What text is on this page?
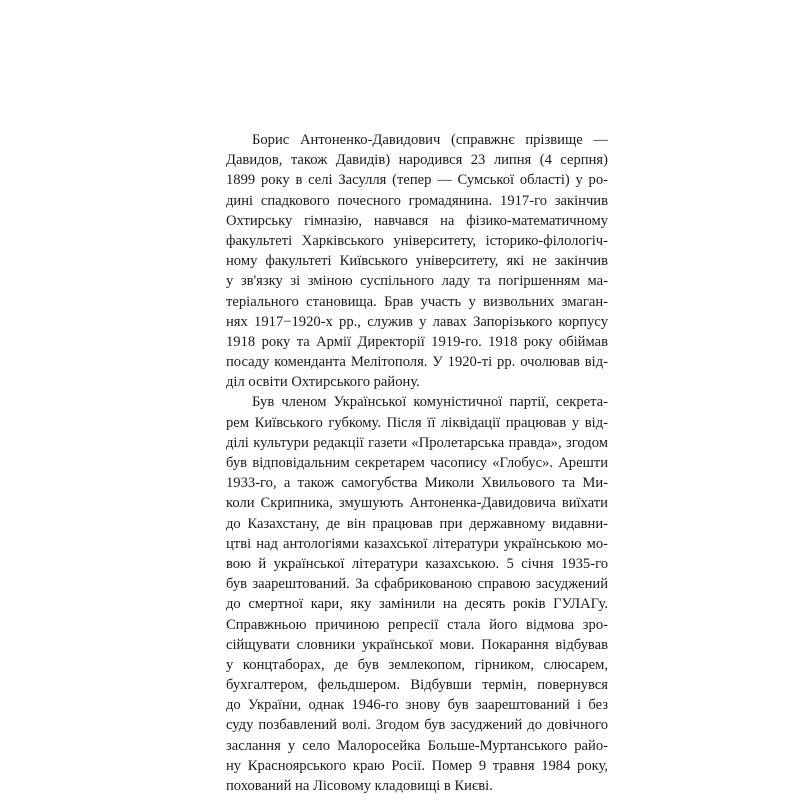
Борис Антоненко-Давидович (справжнє прізвище —
Давидов, також Давидів) народився 23 липня (4 серпня)
1899 року в селі Засулля (тепер — Сумської області) у ро-
дині спадкового почесного громадянина. 1917-го закінчив
Охтирську гімназію, навчався на фізико-математичному
факультеті Харківського університету, історико-філологіч-
ному факультеті Київського університету, які не закінчив
у зв'язку зі зміною суспільного ладу та погіршенням ма-
теріального становища. Брав участь у визвольних змаган-
нях 1917−1920-х рр., служив у лавах Запорізького корпусу
1918 року та Армії Директорії 1919-го. 1918 року обіймав
посаду коменданта Мелітополя. У 1920-ті рр. очолював від-
діл освіти Охтирського району.
Був членом Української комуністичної партії, секрета-
рем Київського губкому. Після її ліквідації працював у від-
ділі культури редакції газети «Пролетарська правда», згодом
був відповідальним секретарем часопису «Глобус». Арешти
1933-го, а також самогубства Миколи Хвильового та Ми-
коли Скрипника, змушують Антоненка-Давидовича виїхати
до Казахстану, де він працював при державному видавни-
цтві над антологіями казахської літератури українською мо-
вою й української літератури казахською. 5 січня 1935-го
був заарештований. За сфабрикованою справою засуджений
до смертної кари, яку замінили на десять років ГУЛАГу.
Справжньою причиною репресії стала його відмова зро-
сійщувати словники української мови. Покарання відбував
у концтаборах, де був землекопом, гірником, слюсарем,
бухгалтером, фельдшером. Відбувши термін, повернувся
до України, однак 1946-го знову був заарештований і без
суду позбавлений волі. Згодом був засуджений до довічного
заслання у село Малоросейка Больше-Муртанського райо-
ну Красноярського краю Росії. Помер 9 травня 1984 року,
похований на Лісовому кладовищі в Києві.
